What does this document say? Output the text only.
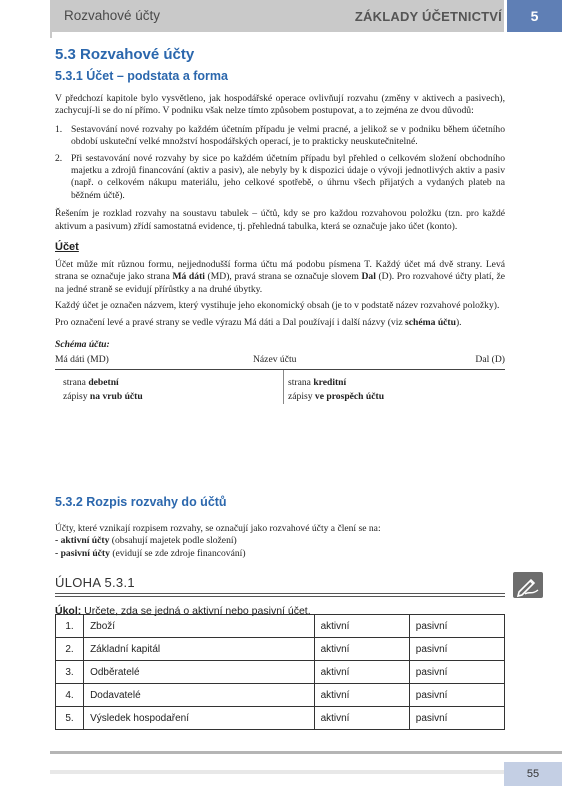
Rozvahové účty	ZÁKLADY ÚČETNICTVÍ	5
5.3 Rozvahové účty
5.3.1 Účet – podstata a forma

V předchozí kapitole bylo vysvětleno, jak hospodářské operace ovlivňují rozvahu (změny v aktivech a pasivech), zachycují-li se do ní přímo. V podniku však nelze tímto způsobem postupovat, a to zejména ze dvou důvodů:

1. Sestavování nové rozvahy po každém účetním případu je velmi pracné, a jelikož se v podniku během účetního období uskuteční velké množství hospodářských operací, je to prakticky neuskutečnitelné.
2. Při sestavování nové rozvahy by sice po každém účetním případu byl přehled o celkovém složení obchodního majetku a zdrojů financování (aktiv a pasiv), ale nebyly by k dispozici údaje o vývoji jednotlivých aktiv a pasiv (např. o celkovém nákupu materiálu, jeho celkové spotřebě, o úhrnu všech přijatých a vydaných plateb na běžném účtě).

Řešením je rozklad rozvahy na soustavu tabulek – účtů, kdy se pro každou rozvahovou položku (tzn. pro každé aktivum a pasivum) zřídí samostatná evidence, tj. přehledná tabulka, která se označuje jako účet (konto).

Účet

Účet může mít různou formu, nejjednodušší forma účtu má podobu písmena T. Každý účet má dvě strany. Levá strana se označuje jako strana Má dáti (MD), pravá strana se označuje slovem Dal (D). Pro rozvahové účty platí, že na jedné straně se evidují přírůstky a na druhé úbytky.

Každý účet je označen názvem, který vystihuje jeho ekonomický obsah (je to v podstatě název rozvahové položky).

Pro označení levé a pravé strany se vedle výrazu Má dáti a Dal používají i další názvy (viz schéma účtu).

Schéma účtu:
Má dáti (MD)	Název účtu	Dal (D)
strana debetní
zápisy na vrub účtu
strana kreditní
zápisy ve prospěch účtu
5.3.2 Rozpis rozvahy do účtů

Účty, které vznikají rozpisem rozvahy, se označují jako rozvahové účty a člení se na:

- aktivní účty (obsahují majetek podle složení)

- pasivní účty (evidují se zde zdroje financování)

ÚLOHA 5.3.1
Úkol: Určete, zda se jedná o aktivní nebo pasivní účet.
1.	Zboží	aktivní	pasivní
2.	Základní kapitál	aktivní	pasivní
3.	Odběratelé	aktivní	pasivní
4.	Dodavatelé	aktivní	pasivní
5.	Výsledek hospodaření	aktivní	pasivní
55
